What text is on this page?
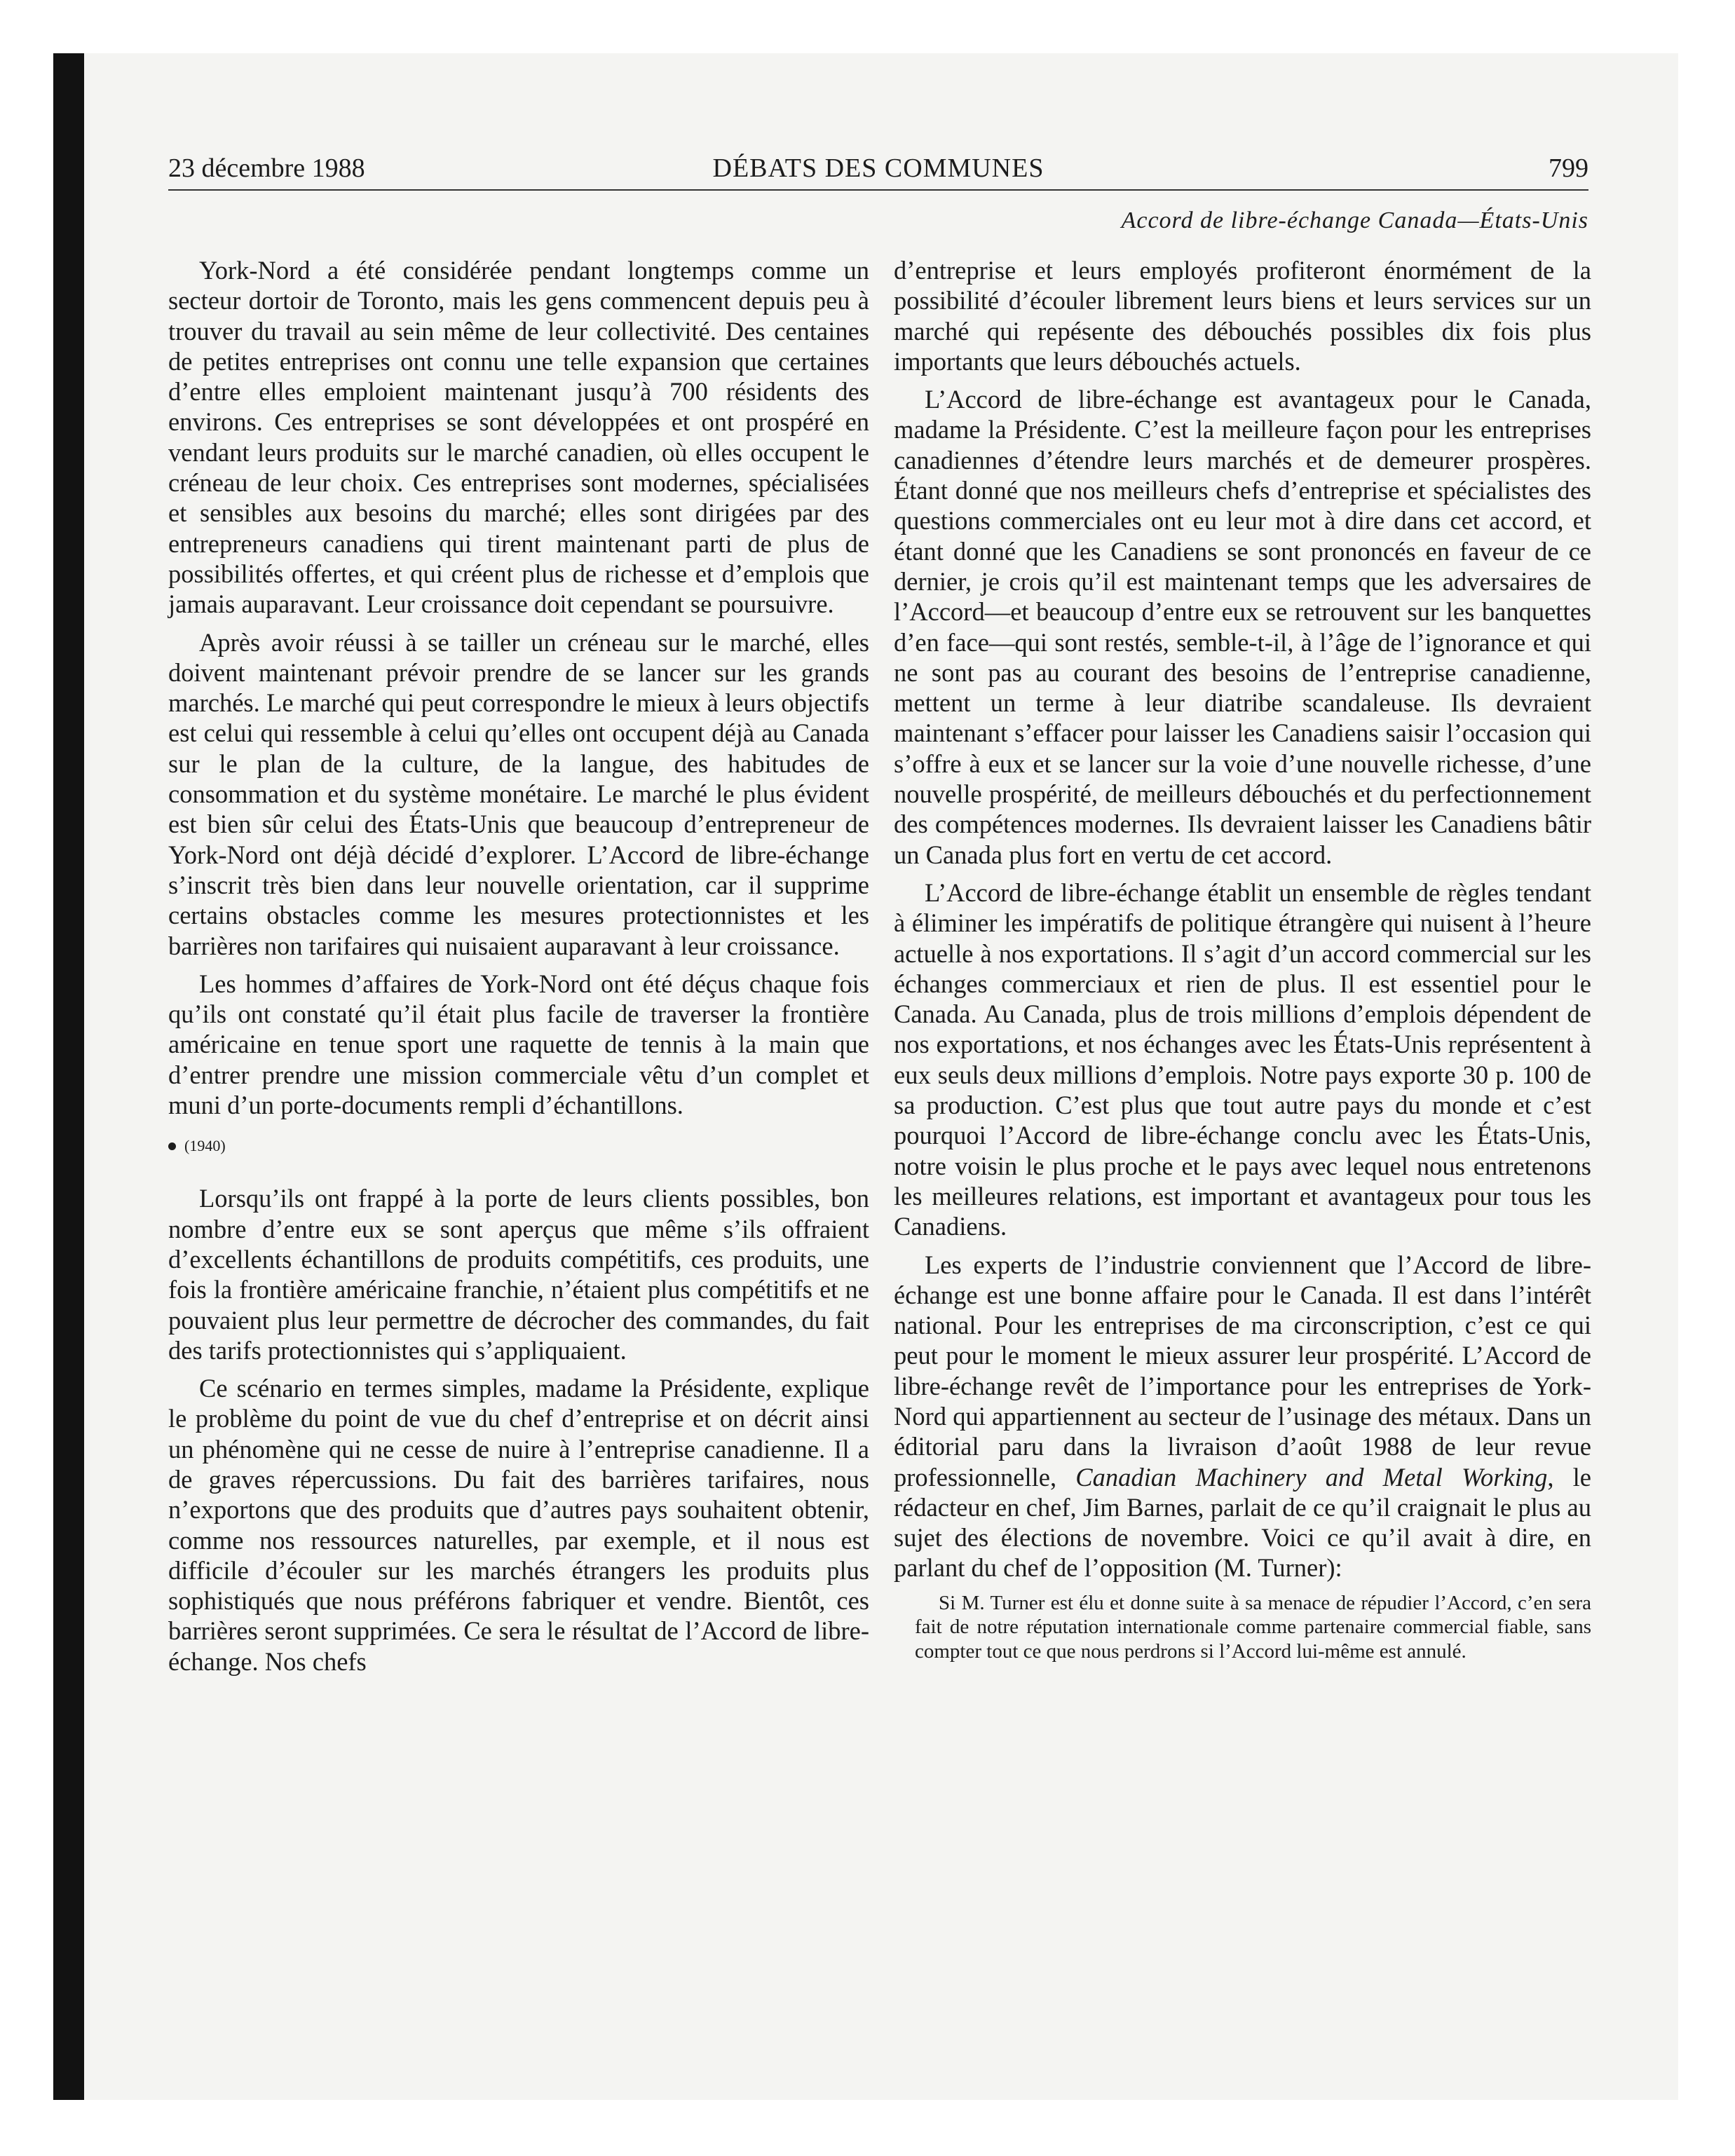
23 décembre 1988	DÉBATS DES COMMUNES	799
Accord de libre-échange Canada—États-Unis

York-Nord a été considérée pendant longtemps comme un secteur dortoir de Toronto, mais les gens commencent depuis peu à trouver du travail au sein même de leur collectivité. Des centaines de petites entreprises ont connu une telle expansion que certaines d’entre elles emploient maintenant jusqu’à 700 résidents des environs. Ces entreprises se sont développées et ont prospéré en vendant leurs produits sur le marché canadien, où elles occupent le créneau de leur choix. Ces entreprises sont modernes, spécialisées et sensibles aux besoins du marché; elles sont dirigées par des entrepreneurs canadiens qui tirent maintenant parti de plus de possibilités offertes, et qui créent plus de richesse et d’emplois que jamais auparavant. Leur croissance doit cependant se poursuivre.

Après avoir réussi à se tailler un créneau sur le marché, elles doivent maintenant prévoir prendre de se lancer sur les grands marchés. Le marché qui peut correspondre le mieux à leurs objectifs est celui qui ressemble à celui qu’elles ont occupent déjà au Canada sur le plan de la culture, de la langue, des habitudes de consommation et du système monétaire. Le marché le plus évident est bien sûr celui des États-Unis que beaucoup d’entrepreneur de York-Nord ont déjà décidé d’explorer. L’Accord de libre-échange s’inscrit très bien dans leur nouvelle orientation, car il supprime certains obstacles comme les mesures protectionnistes et les barrières non tarifaires qui nuisaient auparavant à leur croissance.

Les hommes d’affaires de York-Nord ont été déçus chaque fois qu’ils ont constaté qu’il était plus facile de traverser la frontière américaine en tenue sport une raquette de tennis à la main que d’entrer prendre une mission commerciale vêtu d’un complet et muni d’un porte-documents rempli d’échantillons.

(1940)

Lorsqu’ils ont frappé à la porte de leurs clients possibles, bon nombre d’entre eux se sont aperçus que même s’ils offraient d’excellents échantillons de produits compétitifs, ces produits, une fois la frontière américaine franchie, n’étaient plus compétitifs et ne pouvaient plus leur permettre de décrocher des commandes, du fait des tarifs protectionnistes qui s’appliquaient.

Ce scénario en termes simples, madame la Présidente, explique le problème du point de vue du chef d’entreprise et on décrit ainsi un phénomène qui ne cesse de nuire à l’entreprise canadienne. Il a de graves répercussions. Du fait des barrières tarifaires, nous n’exportons que des produits que d’autres pays souhaitent obtenir, comme nos ressources naturelles, par exemple, et il nous est difficile d’écouler sur les marchés étrangers les produits plus sophistiqués que nous préférons fabriquer et vendre. Bientôt, ces barrières seront supprimées. Ce sera le résultat de l’Accord de libre-échange. Nos chefs

d’entreprise et leurs employés profiteront énormément de la possibilité d’écouler librement leurs biens et leurs services sur un marché qui repésente des débouchés possibles dix fois plus importants que leurs débouchés actuels.

L’Accord de libre-échange est avantageux pour le Canada, madame la Présidente. C’est la meilleure façon pour les entreprises canadiennes d’étendre leurs marchés et de demeurer prospères. Étant donné que nos meilleurs chefs d’entreprise et spécialistes des questions commerciales ont eu leur mot à dire dans cet accord, et étant donné que les Canadiens se sont prononcés en faveur de ce dernier, je crois qu’il est maintenant temps que les adversaires de l’Accord—et beaucoup d’entre eux se retrouvent sur les banquettes d’en face—qui sont restés, semble-t-il, à l’âge de l’ignorance et qui ne sont pas au courant des besoins de l’entreprise canadienne, mettent un terme à leur diatribe scandaleuse. Ils devraient maintenant s’effacer pour laisser les Canadiens saisir l’occasion qui s’offre à eux et se lancer sur la voie d’une nouvelle richesse, d’une nouvelle prospérité, de meilleurs débouchés et du perfectionnement des compétences modernes. Ils devraient laisser les Canadiens bâtir un Canada plus fort en vertu de cet accord.

L’Accord de libre-échange établit un ensemble de règles tendant à éliminer les impératifs de politique étrangère qui nuisent à l’heure actuelle à nos exportations. Il s’agit d’un accord commercial sur les échanges commerciaux et rien de plus. Il est essentiel pour le Canada. Au Canada, plus de trois millions d’emplois dépendent de nos exportations, et nos échanges avec les États-Unis représentent à eux seuls deux millions d’emplois. Notre pays exporte 30 p. 100 de sa production. C’est plus que tout autre pays du monde et c’est pourquoi l’Accord de libre-échange conclu avec les États-Unis, notre voisin le plus proche et le pays avec lequel nous entretenons les meilleures relations, est important et avantageux pour tous les Canadiens.

Les experts de l’industrie conviennent que l’Accord de libre-échange est une bonne affaire pour le Canada. Il est dans l’intérêt national. Pour les entreprises de ma circonscription, c’est ce qui peut pour le moment le mieux assurer leur prospérité. L’Accord de libre-échange revêt de l’importance pour les entreprises de York-Nord qui appartiennent au secteur de l’usinage des métaux. Dans un éditorial paru dans la livraison d’août 1988 de leur revue professionnelle, Canadian Machinery and Metal Working, le rédacteur en chef, Jim Barnes, parlait de ce qu’il craignait le plus au sujet des élections de novembre. Voici ce qu’il avait à dire, en parlant du chef de l’opposition (M. Turner):

Si M. Turner est élu et donne suite à sa menace de répudier l’Accord, c’en sera fait de notre réputation internationale comme partenaire commercial fiable, sans compter tout ce que nous perdrons si l’Accord lui-même est annulé.
